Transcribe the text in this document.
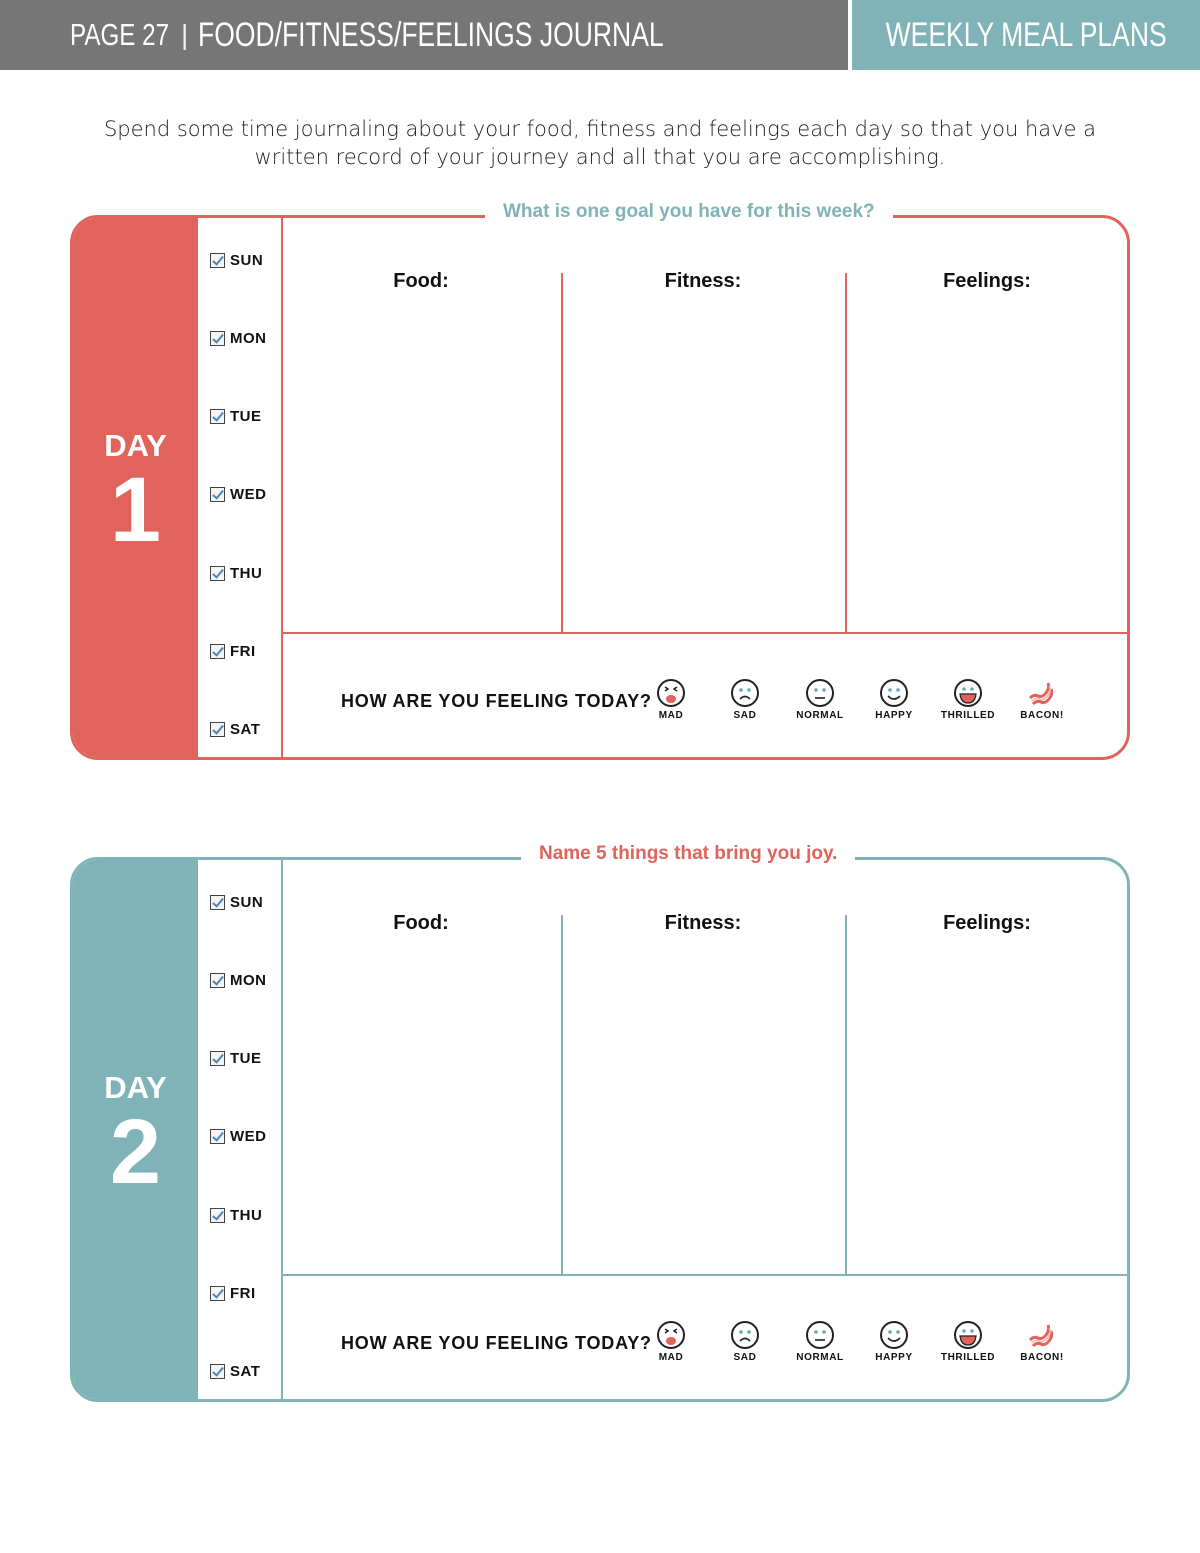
PAGE 27 | FOOD/FITNESS/FEELINGS JOURNAL	WEEKLY MEAL PLANS
Spend some time journaling about your food, fitness and feelings each day so that you have a
written record of your journey and all that you are accomplishing.
DAY
1
SUN
MON
TUE
WED
THU
FRI
SAT
Food:	Fitness:	Feelings:
HOW ARE YOU FEELING TODAY?
MAD	SAD	NORMAL	HAPPY	THRILLED	BACON!
What is one goal you have for this week?
DAY
2
SUN
MON
TUE
WED
THU
FRI
SAT
Food:	Fitness:	Feelings:
HOW ARE YOU FEELING TODAY?
MAD	SAD	NORMAL	HAPPY	THRILLED	BACON!
Name 5 things that bring you joy.
